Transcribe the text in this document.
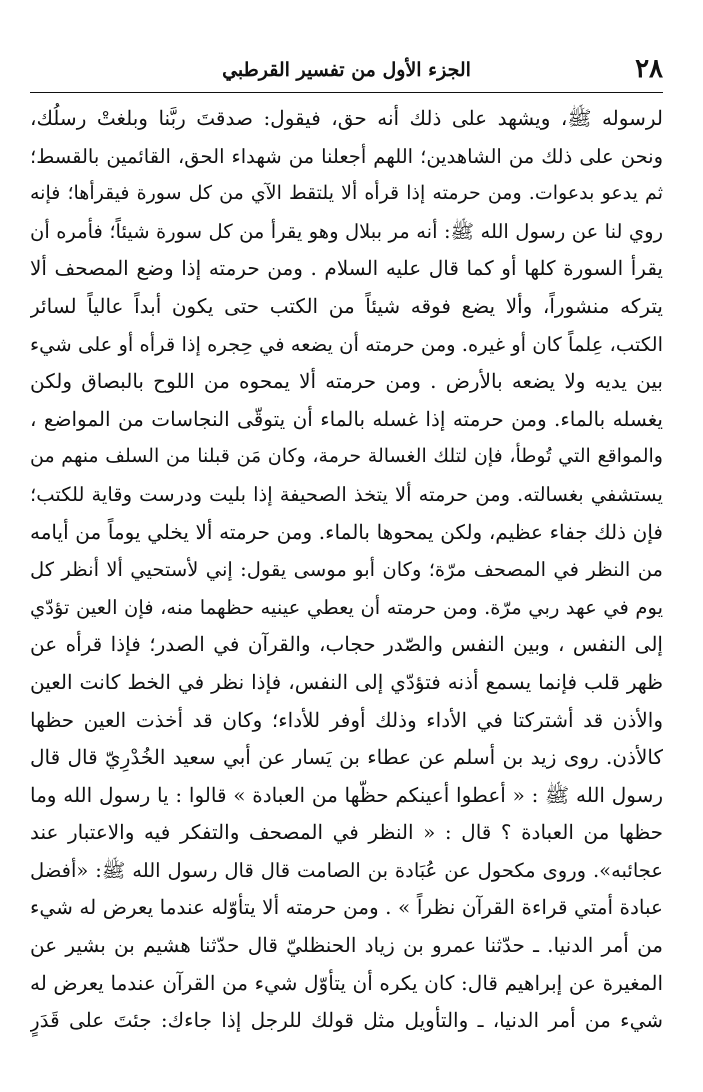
٢٨
الجزء الأول من تفسير القرطبي
لرسوله ﷺ، ويشهد على ذلك أنه حق، فيقول: صدقتَ ربَّنا وبلغتْ رسلُك،
ونحن على ذلك من الشاهدين؛ اللهم أجعلنا من شهداء الحق، القائمين بالقسط؛
ثم يدعو بدعوات. ومن حرمته إذا قرأه ألا يلتقط الآي من كل سورة فيقرأها؛ فإنه
روي لنا عن رسول الله ﷺ: أنه مر ببلال وهو يقرأ من كل سورة شيئاً؛ فأمره أن
يقرأ السورة كلها أو كما قال عليه السلام . ومن حرمته إذا وضع المصحف ألا
يتركه منشوراً، وألا يضع فوقه شيئاً من الكتب حتى يكون أبداً عالياً لسائر
الكتب، عِلماً كان أو غيره. ومن حرمته أن يضعه في حِجره إذا قرأه أو على شيء
بين يديه ولا يضعه بالأرض . ومن حرمته ألا يمحوه من اللوح بالبصاق ولكن
يغسله بالماء. ومن حرمته إذا غسله بالماء أن يتوقّى النجاسات من المواضع ،
والمواقع التي تُوطأ، فإن لتلك الغسالة حرمة، وكان مَن قبلنا من السلف منهم من
يستشفي بغسالته. ومن حرمته ألا يتخذ الصحيفة إذا بليت ودرست وقاية للكتب؛
فإن ذلك جفاء عظيم، ولكن يمحوها بالماء. ومن حرمته ألا يخلي يوماً من أيامه
من النظر في المصحف مرّة؛ وكان أبو موسى يقول: إني لأستحيي ألا أنظر كل
يوم في عهد ربي مرّة. ومن حرمته أن يعطي عينيه حظهما منه، فإن العين تؤدّي
إلى النفس ، وبين النفس والصّدر حجاب، والقرآن في الصدر؛ فإذا قرأه عن
ظهر قلب فإنما يسمع أذنه فتؤدّي إلى النفس، فإذا نظر في الخط كانت العين
والأذن قد أشتركتا في الأداء وذلك أوفر للأداء؛ وكان قد أخذت العين حظها
كالأذن. روى زيد بن أسلم عن عطاء بن يَسار عن أبي سعيد الخُدْرِيّ قال قال
رسول الله ﷺ : « أعطوا أعينكم حظّها من العبادة » قالوا : يا رسول الله وما
حظها من العبادة ؟ قال : « النظر في المصحف والتفكر فيه والاعتبار عند
عجائبه». وروى مكحول عن عُبَادة بن الصامت قال قال رسول الله ﷺ: «أفضل
عبادة أمتي قراءة القرآن نظراً » . ومن حرمته ألا يتأوّله عندما يعرض له شيء
من أمر الدنيا. ـ حدّثنا عمرو بن زياد الحنظليّ قال حدّثنا هشيم بن بشير عن
المغيرة عن إبراهيم قال: كان يكره أن يتأوّل شيء من القرآن عندما يعرض له
شيء من أمر الدنيا، ـ والتأويل مثل قولك للرجل إذا جاءك: جئتَ على قَدَرٍ
